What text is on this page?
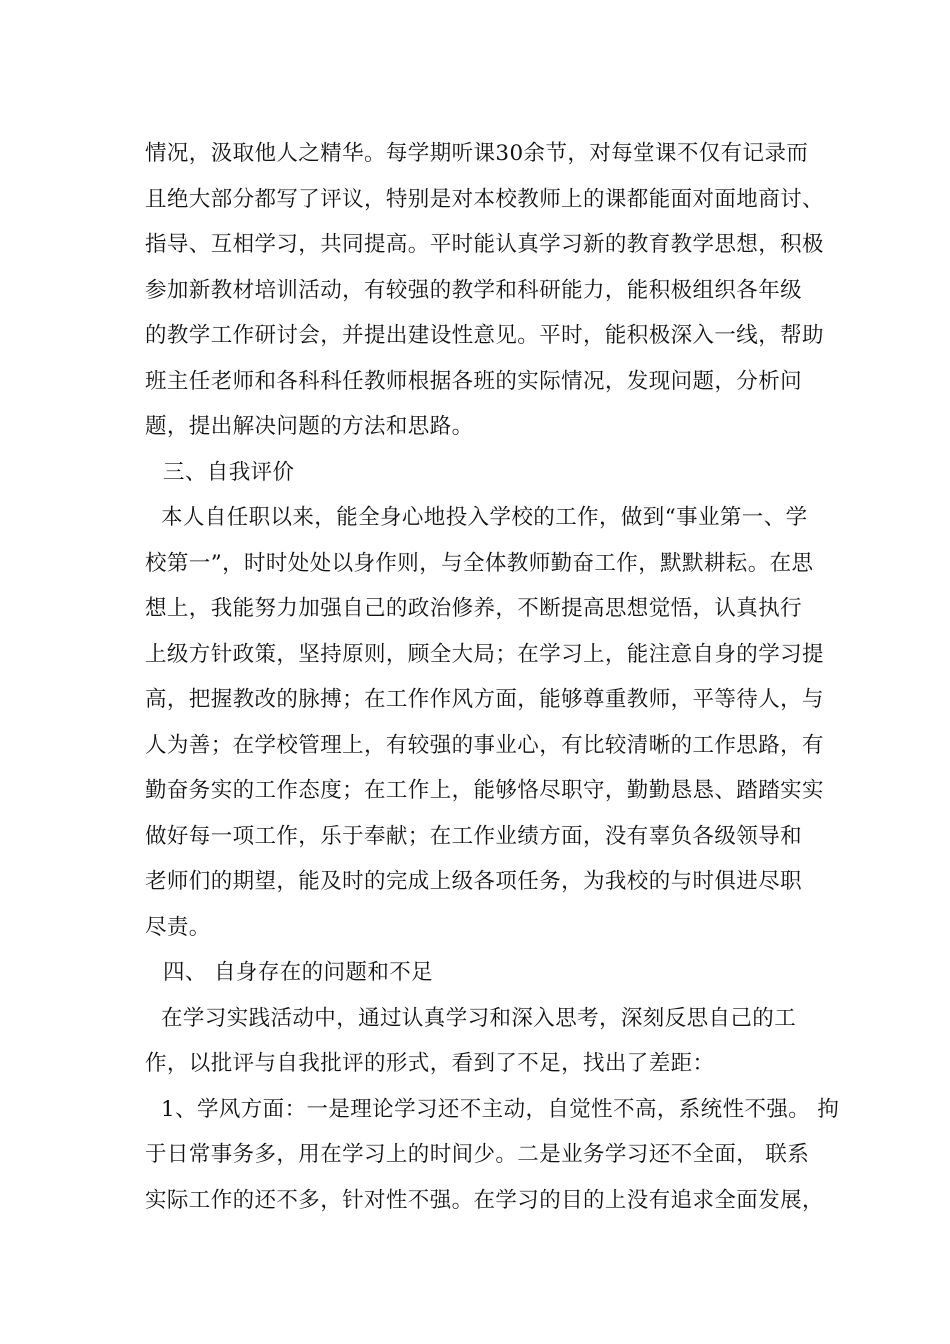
情况，汲取他人之精华。每学期听课30余节，对每堂课不仅有记录而
且绝大部分都写了评议，特别是对本校教师上的课都能面对面地商讨、
指导、互相学习，共同提高。平时能认真学习新的教育教学思想，积极
参加新教材培训活动，有较强的教学和科研能力，能积极组织各年级
的教学工作研讨会，并提出建设性意见。平时，能积极深入一线，帮助
班主任老师和各科科任教师根据各班的实际情况，发现问题，分析问
题，提出解决问题的方法和思路。
三、自我评价
本人自任职以来，能全身心地投入学校的工作，做到“事业第一、学
校第一”，时时处处以身作则，与全体教师勤奋工作，默默耕耘。在思
想上，我能努力加强自己的政治修养，不断提高思想觉悟，认真执行
上级方针政策，坚持原则，顾全大局；在学习上，能注意自身的学习提
高，把握教改的脉搏；在工作作风方面，能够尊重教师，平等待人，与
人为善；在学校管理上，有较强的事业心，有比较清晰的工作思路，有
勤奋务实的工作态度；在工作上，能够恪尽职守，勤勤恳恳、踏踏实实
做好每一项工作，乐于奉献；在工作业绩方面，没有辜负各级领导和
老师们的期望，能及时的完成上级各项任务，为我校的与时俱进尽职
尽责。
四、 自身存在的问题和不足
在学习实践活动中，通过认真学习和深入思考，深刻反思自己的工
作，以批评与自我批评的形式，看到了不足，找出了差距：
1、学风方面：一是理论学习还不主动，自觉性不高，系统性不强。 拘
于日常事务多，用在学习上的时间少。二是业务学习还不全面， 联系
实际工作的还不多，针对性不强。在学习的目的上没有追求全面发展，
